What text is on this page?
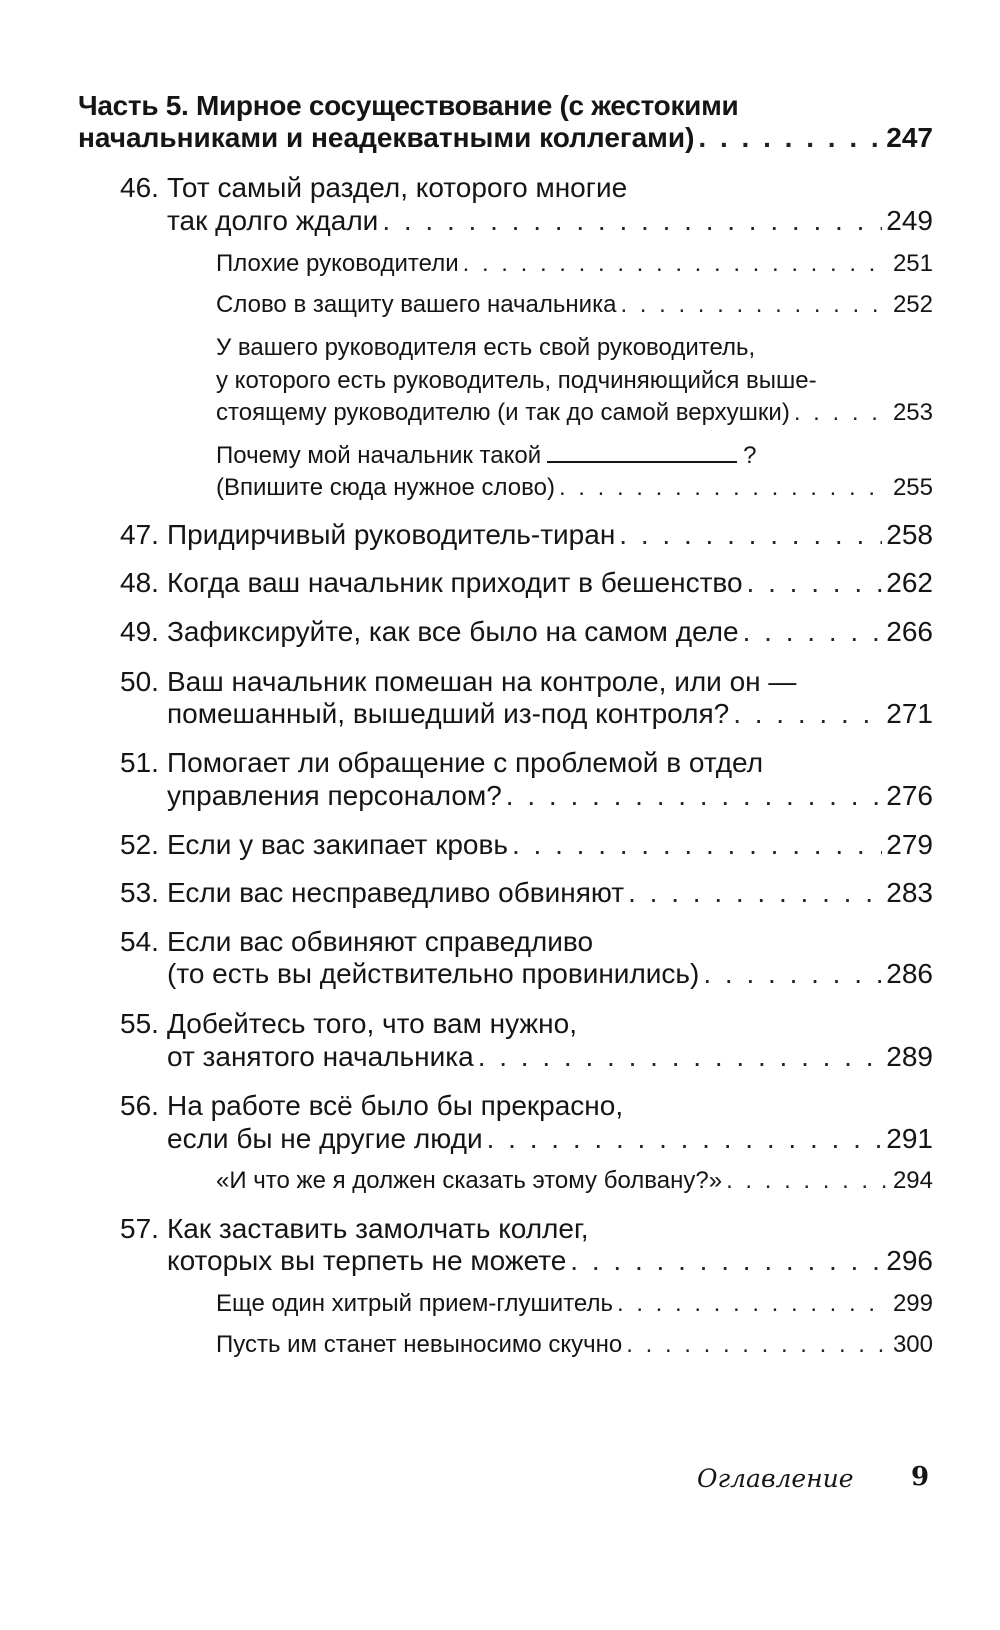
Часть 5. Мирное сосуществование (с жестокими
начальниками и неадекватными коллегами) . . .	247
46. Тот самый раздел, которого многие
так долго ждали . . .	249
Плохие руководители . . .	251
Слово в защиту вашего начальника . . .	252
У вашего руководителя есть свой руководитель,
у которого есть руководитель, подчиняющийся выше-
стоящему руководителю (и так до самой верхушки) . . .	253
Почему мой начальник такой	?
(Впишите сюда нужное слово) . . .	255
47. Придирчивый руководитель-тиран . . .	258
48. Когда ваш начальник приходит в бешенство . . .	262
49. Зафиксируйте, как все было на самом деле . . .	266
50. Ваш начальник помешан на контроле, или он —
помешанный, вышедший из-под контроля? . . .	271
51. Помогает ли обращение с проблемой в отдел
управления персоналом? . . .	276
52. Если у вас закипает кровь . . .	279
53. Если вас несправедливо обвиняют . . .	283
54. Если вас обвиняют справедливо
(то есть вы действительно провинились) . . .	286
55. Добейтесь того, что вам нужно,
от занятого начальника . . .	289
56. На работе всё было бы прекрасно,
если бы не другие люди . . .	291
«И что же я должен сказать этому болвану?» . . .	294
57. Как заставить замолчать коллег,
которых вы терпеть не можете . . .	296
Еще один хитрый прием-глушитель . . .	299
Пусть им станет невыносимо скучно . . .	300
Оглавление 9
